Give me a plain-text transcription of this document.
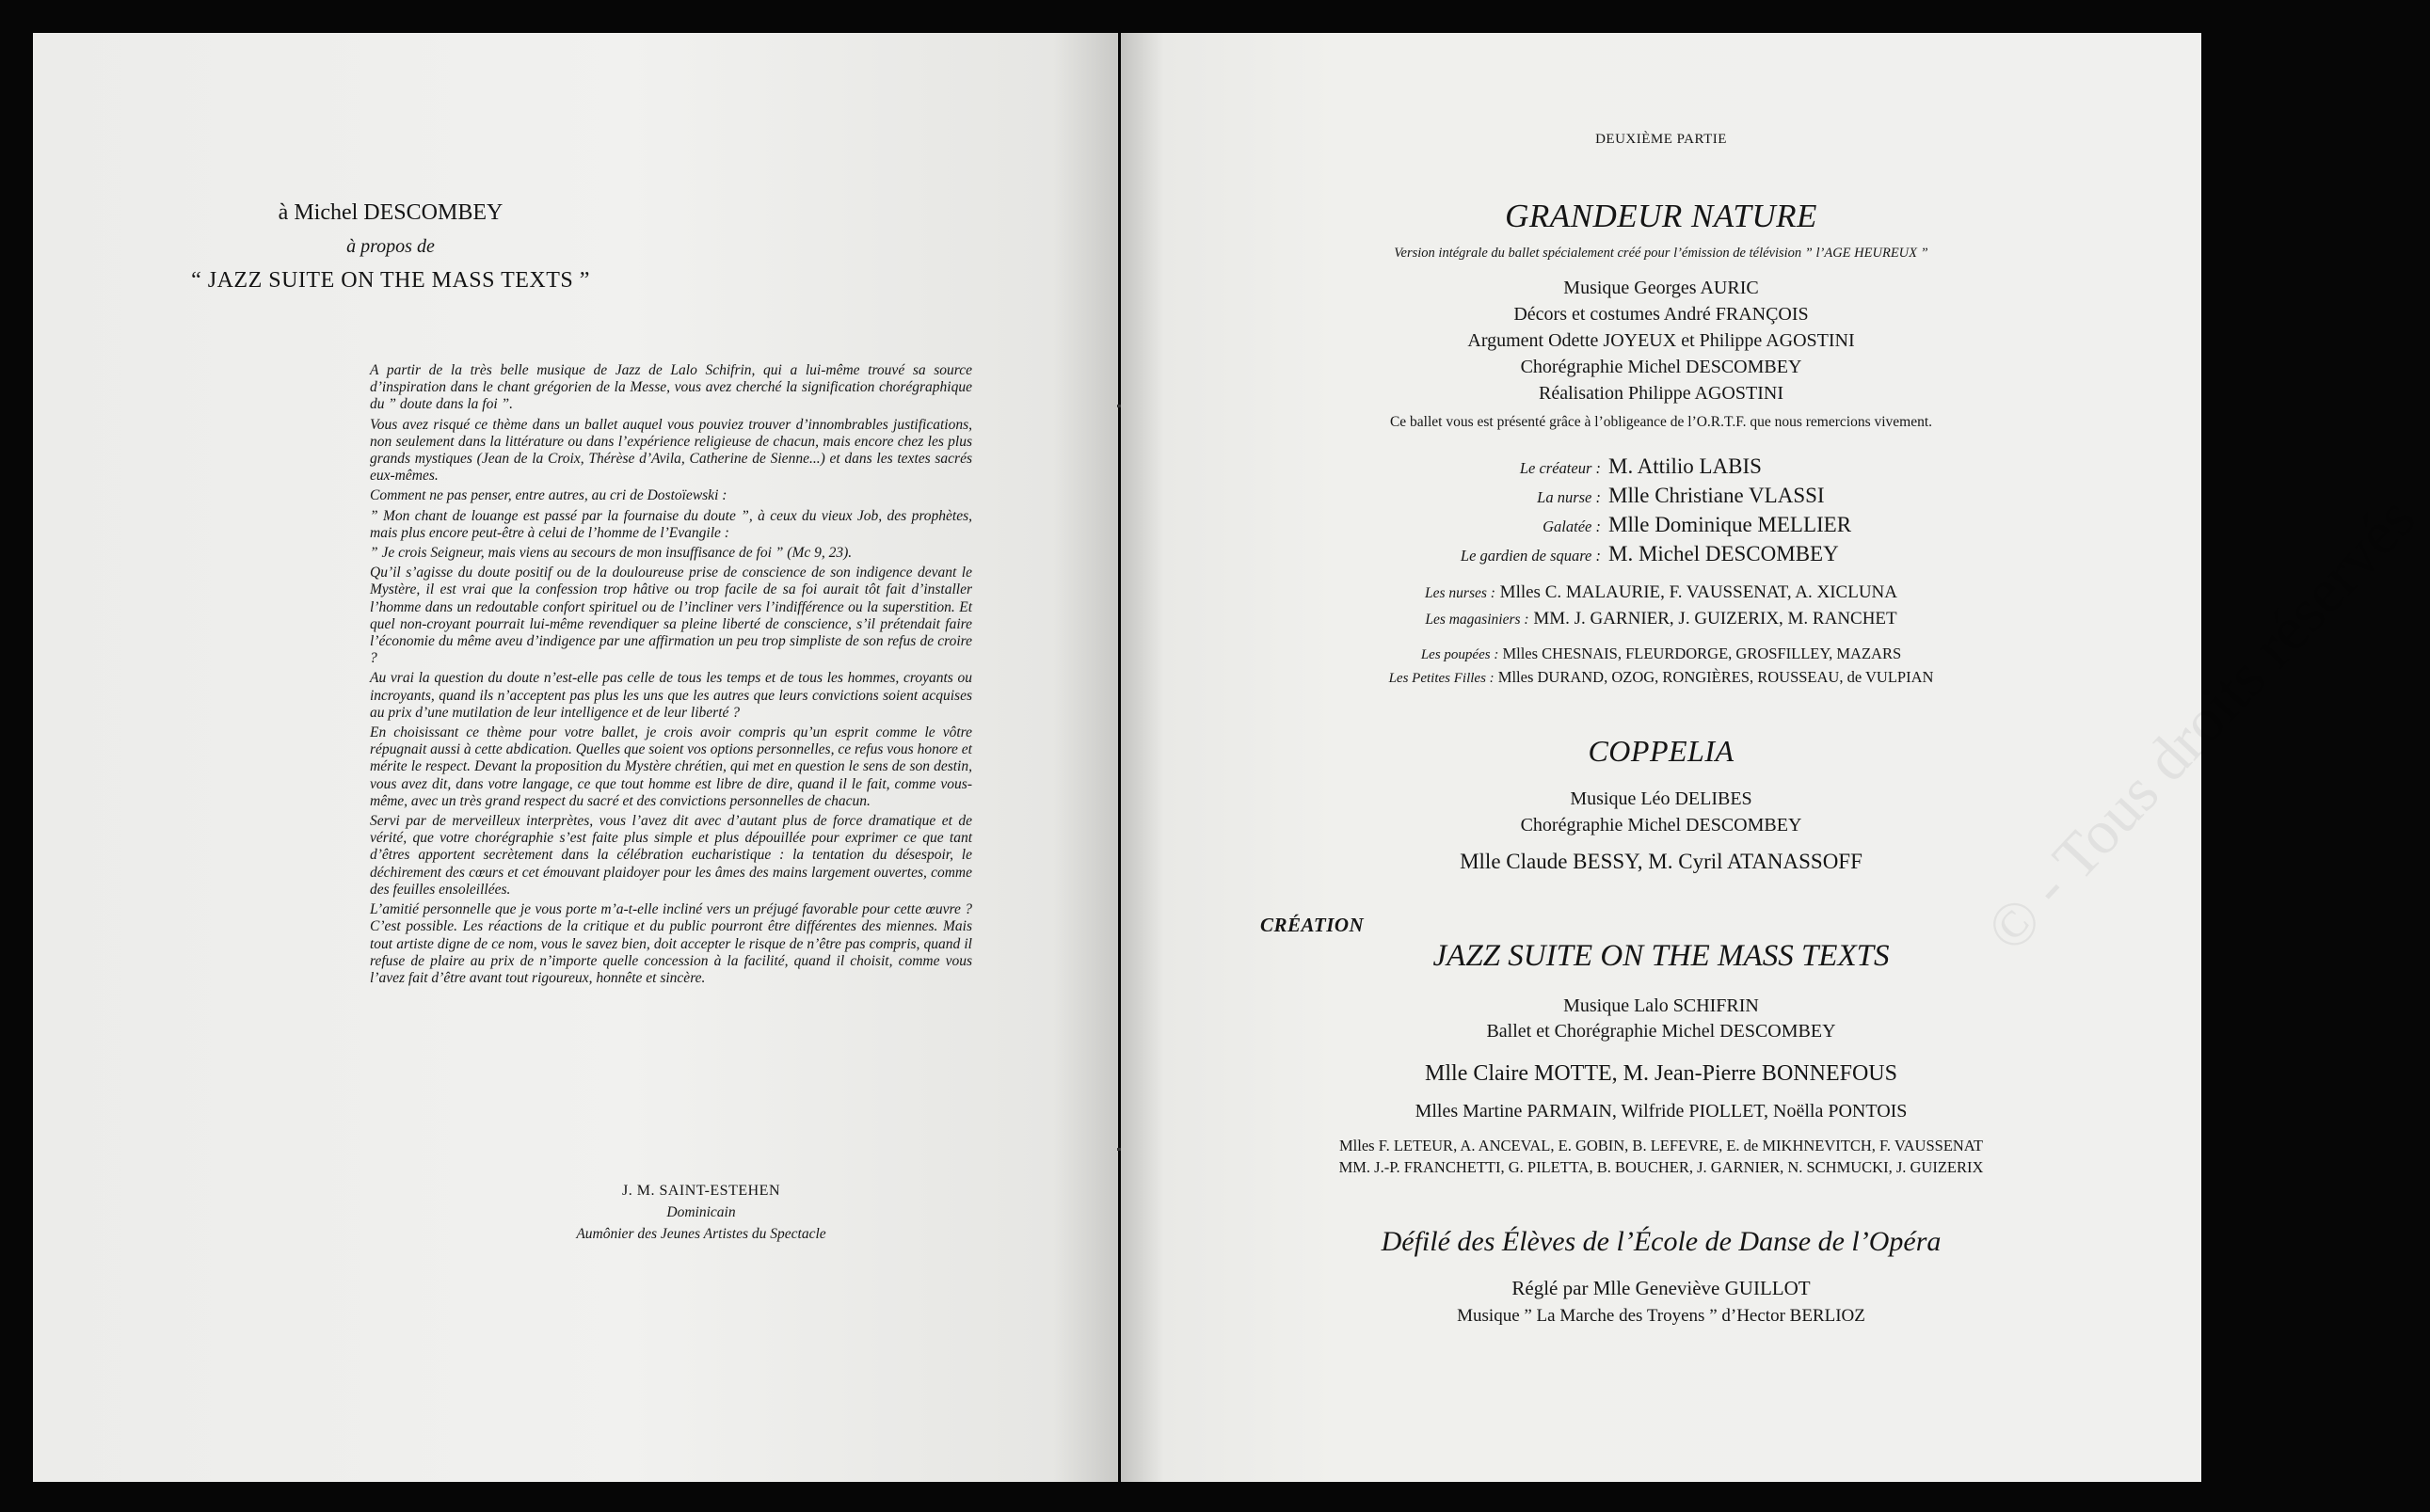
à Michel DESCOMBEY
à propos de
“ JAZZ SUITE ON THE MASS TEXTS ”

A partir de la très belle musique de Jazz de Lalo Schifrin, qui a lui-même trouvé sa source d’inspiration dans le chant grégorien de la Messe, vous avez cherché la signification chorégraphique du ” doute dans la foi ”.

Vous avez risqué ce thème dans un ballet auquel vous pouviez trouver d’innombrables justifications, non seulement dans la littérature ou dans l’expérience religieuse de chacun, mais encore chez les plus grands mystiques (Jean de la Croix, Thérèse d’Avila, Catherine de Sienne...) et dans les textes sacrés eux-mêmes.

Comment ne pas penser, entre autres, au cri de Dostoïewski :

” Mon chant de louange est passé par la fournaise du doute ”, à ceux du vieux Job, des prophètes, mais plus encore peut-être à celui de l’homme de l’Evangile :

” Je crois Seigneur, mais viens au secours de mon insuffisance de foi ” (Mc 9, 23).

Qu’il s’agisse du doute positif ou de la douloureuse prise de conscience de son indigence devant le Mystère, il est vrai que la confession trop hâtive ou trop facile de sa foi aurait tôt fait d’installer l’homme dans un redoutable confort spirituel ou de l’incliner vers l’indifférence ou la superstition. Et quel non-croyant pourrait lui-même revendiquer sa pleine liberté de conscience, s’il prétendait faire l’économie du même aveu d’indigence par une affirmation un peu trop simpliste de son refus de croire ?

Au vrai la question du doute n’est-elle pas celle de tous les temps et de tous les hommes, croyants ou incroyants, quand ils n’acceptent pas plus les uns que les autres que leurs convictions soient acquises au prix d’une mutilation de leur intelligence et de leur liberté ?

En choisissant ce thème pour votre ballet, je crois avoir compris qu’un esprit comme le vôtre répugnait aussi à cette abdication. Quelles que soient vos options personnelles, ce refus vous honore et mérite le respect. Devant la proposition du Mystère chrétien, qui met en question le sens de son destin, vous avez dit, dans votre langage, ce que tout homme est libre de dire, quand il le fait, comme vous-même, avec un très grand respect du sacré et des convictions personnelles de chacun.

Servi par de merveilleux interprètes, vous l’avez dit avec d’autant plus de force dramatique et de vérité, que votre chorégraphie s’est faite plus simple et plus dépouillée pour exprimer ce que tant d’êtres apportent secrètement dans la célébration eucharistique : la tentation du désespoir, le déchirement des cœurs et cet émouvant plaidoyer pour les âmes des mains largement ouvertes, comme des feuilles ensoleillées.

L’amitié personnelle que je vous porte m’a-t-elle incliné vers un préjugé favorable pour cette œuvre ? C’est possible. Les réactions de la critique et du public pourront être différentes des miennes. Mais tout artiste digne de ce nom, vous le savez bien, doit accepter le risque de n’être pas compris, quand il refuse de plaire au prix de n’importe quelle concession à la facilité, quand il choisit, comme vous l’avez fait d’être avant tout rigoureux, honnête et sincère.

J. M. SAINT-ESTEHEN
Dominicain
Aumônier des Jeunes Artistes du Spectacle
© - Tous droits réservés
DEUXIÈME PARTIE
GRANDEUR NATURE
Version intégrale du ballet spécialement créé pour l’émission de télévision ” l’AGE HEUREUX ”
Musique Georges AURIC
Décors et costumes André FRANÇOIS
Argument Odette JOYEUX et Philippe AGOSTINI
Chorégraphie Michel DESCOMBEY
Réalisation Philippe AGOSTINI
Ce ballet vous est présenté grâce à l’obligeance de l’O.R.T.F. que nous remercions vivement.
Le créateur : M. Attilio LABIS
La nurse : Mlle Christiane VLASSI
Galatée : Mlle Dominique MELLIER
Le gardien de square : M. Michel DESCOMBEY
Les nurses : Mlles C. MALAURIE, F. VAUSSENAT, A. XICLUNA
Les magasiniers : MM. J. GARNIER, J. GUIZERIX, M. RANCHET
Les poupées : Mlles CHESNAIS, FLEURDORGE, GROSFILLEY, MAZARS
Les Petites Filles : Mlles DURAND, OZOG, RONGIÈRES, ROUSSEAU, de VULPIAN
COPPELIA
Musique Léo DELIBES
Chorégraphie Michel DESCOMBEY
Mlle Claude BESSY, M. Cyril ATANASSOFF
CRÉATION
JAZZ SUITE ON THE MASS TEXTS
Musique Lalo SCHIFRIN
Ballet et Chorégraphie Michel DESCOMBEY
Mlle Claire MOTTE, M. Jean-Pierre BONNEFOUS
Mlles Martine PARMAIN, Wilfride PIOLLET, Noëlla PONTOIS
Mlles F. LETEUR, A. ANCEVAL, E. GOBIN, B. LEFEVRE, E. de MIKHNEVITCH, F. VAUSSENAT
MM. J.-P. FRANCHETTI, G. PILETTA, B. BOUCHER, J. GARNIER, N. SCHMUCKI, J. GUIZERIX
Défilé des Élèves de l’École de Danse de l’Opéra
Réglé par Mlle Geneviève GUILLOT
Musique ” La Marche des Troyens ” d’Hector BERLIOZ
